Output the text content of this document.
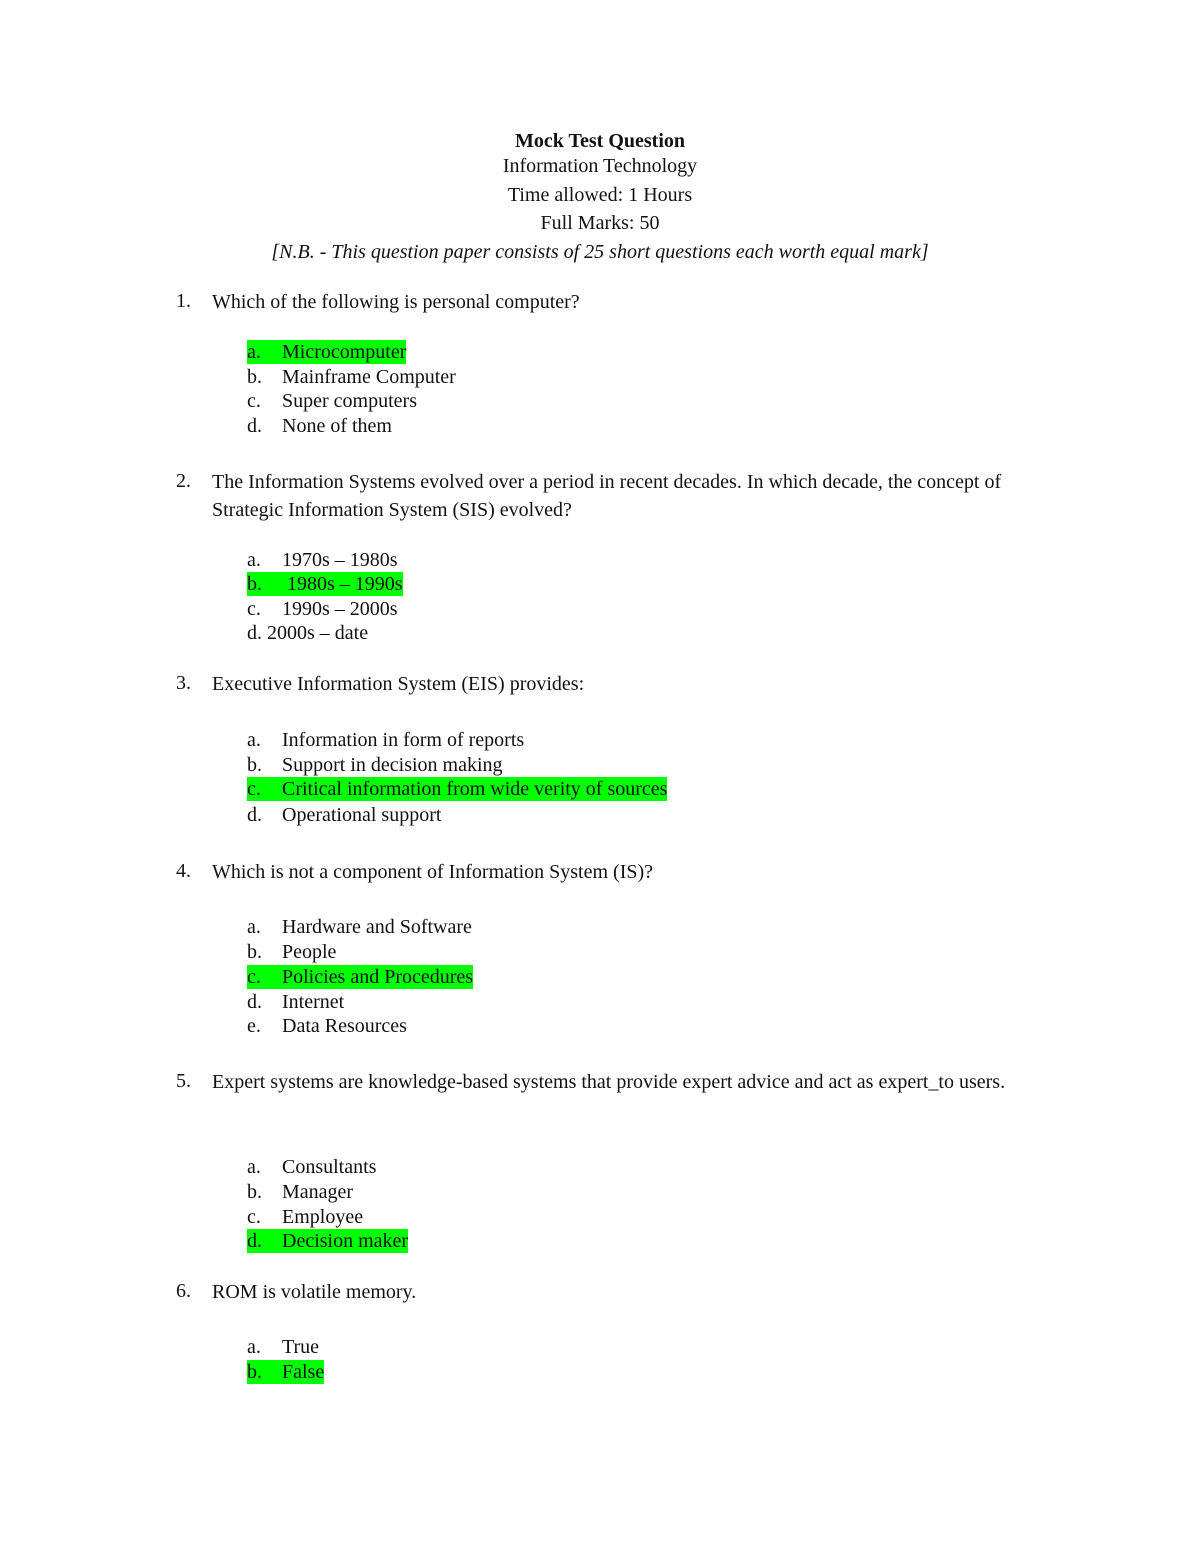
Mock Test Question
Information Technology
Time allowed: 1 Hours
Full Marks: 50
[N.B. - This question paper consists of 25 short questions each worth equal mark]
1. Which of the following is personal computer?
a. Microcomputer
b. Mainframe Computer
c. Super computers
d. None of them
2. The Information Systems evolved over a period in recent decades. In which decade, the concept of Strategic Information System (SIS) evolved?
a. 1970s – 1980s
b. 1980s – 1990s
c. 1990s – 2000s
d. 2000s – date
3. Executive Information System (EIS) provides:
a. Information in form of reports
b. Support in decision making
c. Critical information from wide verity of sources
d. Operational support
4. Which is not a component of Information System (IS)?
a. Hardware and Software
b. People
c. Policies and Procedures
d. Internet
e. Data Resources
5. Expert systems are knowledge-based systems that provide expert advice and act as expert_to users.
a. Consultants
b. Manager
c. Employee
d. Decision maker
6. ROM is volatile memory.
a. True
b. False
